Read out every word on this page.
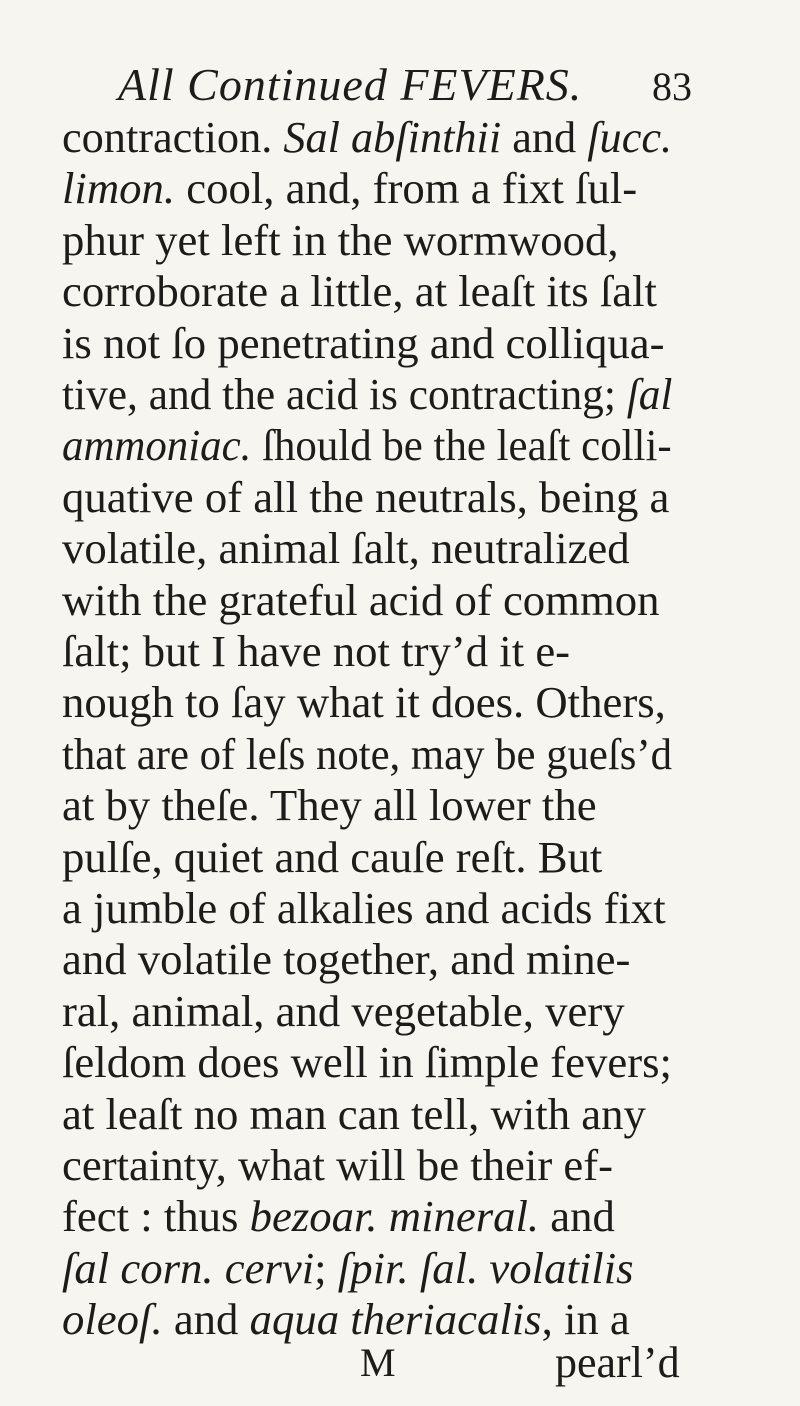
All Continued FEVERS.	83
contraction. Sal abſinthii and ſucc.
limon. cool, and, from a fixt ſul-
phur yet left in the wormwood,
corroborate a little, at leaſt its ſalt
is not ſo penetrating and colliqua-
tive, and the acid is contracting; ſal
ammoniac. ſhould be the leaſt colli-
quative of all the neutrals, being a
volatile, animal ſalt, neutralized
with the grateful acid of common
ſalt; but I have not try’d it e-
nough to ſay what it does. Others,
that are of leſs note, may be gueſs’d
at by theſe. They all lower the
pulſe, quiet and cauſe reſt. But
a jumble of alkalies and acids fixt
and volatile together, and mine-
ral, animal, and vegetable, very
ſeldom does well in ſimple fevers;
at leaſt no man can tell, with any
certainty, what will be their ef-
fect : thus bezoar. mineral. and
ſal corn. cervi; ſpir. ſal. volatilis
oleoſ. and aqua theriacalis, in a
M	pearl’d
